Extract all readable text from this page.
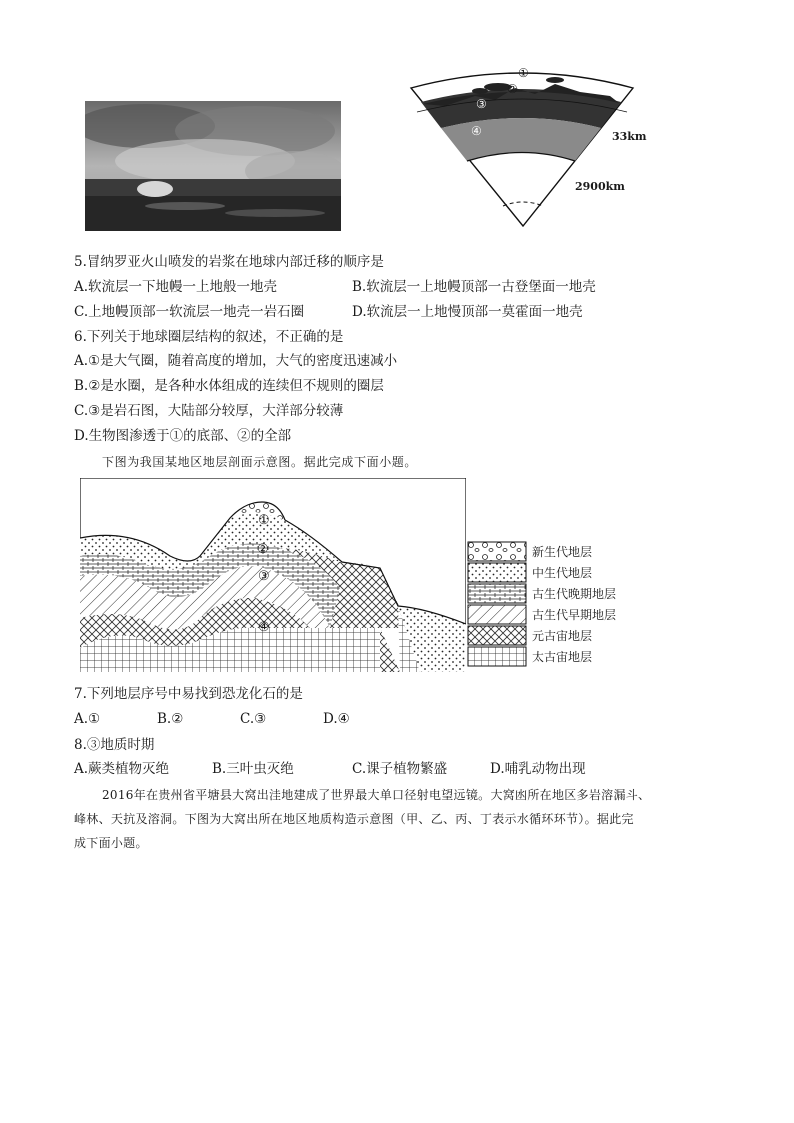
①
②
③
④	33km
2900km
5.冒纳罗亚火山喷发的岩浆在地球内部迁移的顺序是
A.软流层一下地幔一上地般一地壳	B.软流层一上地幔顶部一古登堡面一地壳
C.上地幔顶部一软流层一地壳一岩石圈	D.软流层一上地慢顶部一莫霍面一地壳
6.下列关于地球圈层结构的叙述，不正确的是
A.①是大气圈，随着高度的增加，大气的密度迅速减小
B.②是水圈，是各种水体组成的连续但不规则的圈层
C.③是岩石图，大陆部分较厚，大洋部分较薄
D.生物图渗透于①的底部、②的全部
下图为我国某地区地层剖面示意图。据此完成下面小题。
①
②
③
④
新生代地层
中生代地层
古生代晚期地层
古生代早期地层
元古宙地层
太古宙地层
7.下列地层序号中易找到恐龙化石的是
A.①	B.②	C.③	D.④
8.③地质时期
A.蕨类植物灭绝	B.三叶虫灭绝	C.课子植物繁盛	D.哺乳动物出现
2016年在贵州省平塘县大窝出洼地建成了世界最大单口径射电望远镜。大窝凼所在地区多岩溶漏斗、
峰林、天抗及溶洞。下图为大窝出所在地区地质构造示意图（甲、乙、丙、丁表示水循环环节）。据此完
成下面小题。
